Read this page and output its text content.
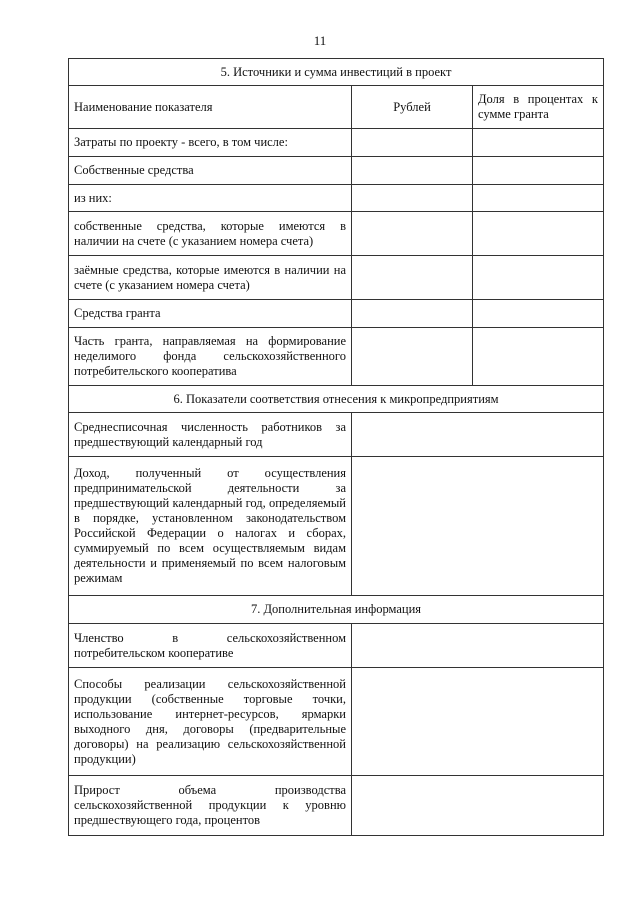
11
5. Источники и сумма инвестиций в проект		
Наименование показателя	Рублей	Доля в процентах к сумме гранта
Затраты по проекту - всего, в том числе:		
Собственные средства		
из них:		
собственные средства, которые имеются в наличии на счете (с указанием номера счета)		
заёмные средства, которые имеются в наличии на счете (с указанием номера счета)		
Средства гранта		
Часть гранта, направляемая на формирование неделимого фонда сельскохозяйственного потребительского кооператива		
6. Показатели соответствия отнесения к микропредприятиям		
Среднесписочная численность работников за предшествующий календарный год		
Доход, полученный от осуществления предпринимательской деятельности за предшествующий календарный год, определяемый в порядке, установленном законодательством Российской Федерации о налогах и сборах, суммируемый по всем осуществляемым видам деятельности и применяемый по всем налоговым режимам		
7. Дополнительная информация		
Членство в сельскохозяйственном потребительском кооперативе		
Способы реализации сельскохозяйственной продукции (собственные торговые точки, использование интернет-ресурсов, ярмарки выходного дня, договоры (предварительные договоры) на реализацию сельскохозяйственной продукции)		
Прирост объема производства сельскохозяйственной продукции к уровню предшествующего года, процентов		
